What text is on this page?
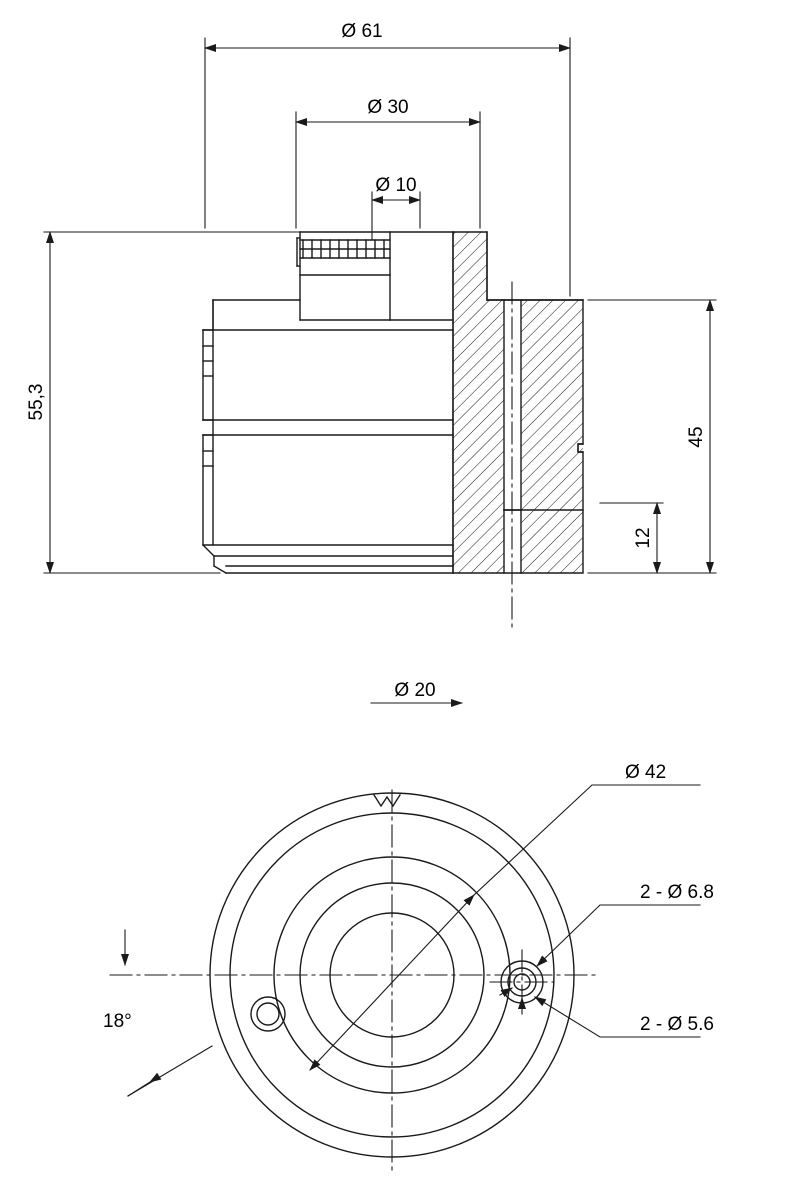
Ø 61
Ø 30
Ø 10
55,3
45
12
Ø 20
Ø 42
2 - Ø 6.8
2 - Ø 5.6
18°
